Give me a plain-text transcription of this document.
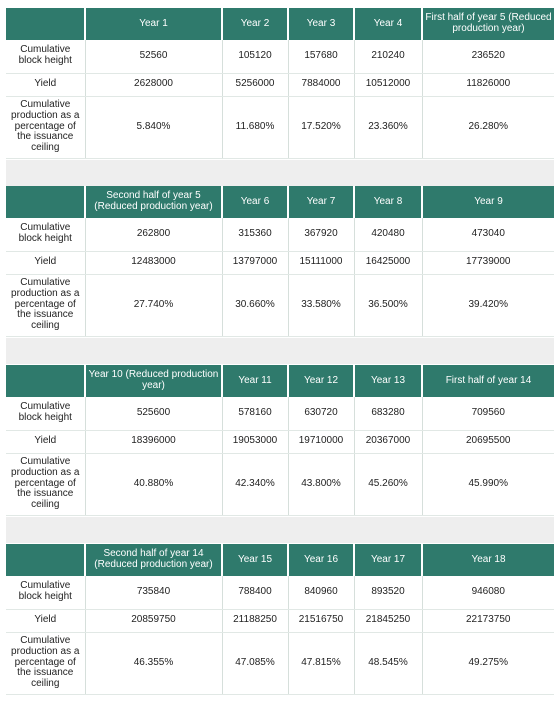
	Year 1	Year 2	Year 3	Year 4	First half of year 5 (Reduced production year)
Cumulative block height	52560	105120	157680	210240	236520
Yield	2628000	5256000	7884000	10512000	11826000
Cumulative production as a percentage of the issuance ceiling	5.840%	11.680%	17.520%	23.360%	26.280%
	Second half of year 5 (Reduced production year)	Year 6	Year 7	Year 8	Year 9
Cumulative block height	262800	315360	367920	420480	473040
Yield	12483000	13797000	15111000	16425000	17739000
Cumulative production as a percentage of the issuance ceiling	27.740%	30.660%	33.580%	36.500%	39.420%
	Year 10 (Reduced production year)	Year 11	Year 12	Year 13	First half of year 14
Cumulative block height	525600	578160	630720	683280	709560
Yield	18396000	19053000	19710000	20367000	20695500
Cumulative production as a percentage of the issuance ceiling	40.880%	42.340%	43.800%	45.260%	45.990%
	Second half of year 14 (Reduced production year)	Year 15	Year 16	Year 17	Year 18
Cumulative block height	735840	788400	840960	893520	946080
Yield	20859750	21188250	21516750	21845250	22173750
Cumulative production as a percentage of the issuance ceiling	46.355%	47.085%	47.815%	48.545%	49.275%
